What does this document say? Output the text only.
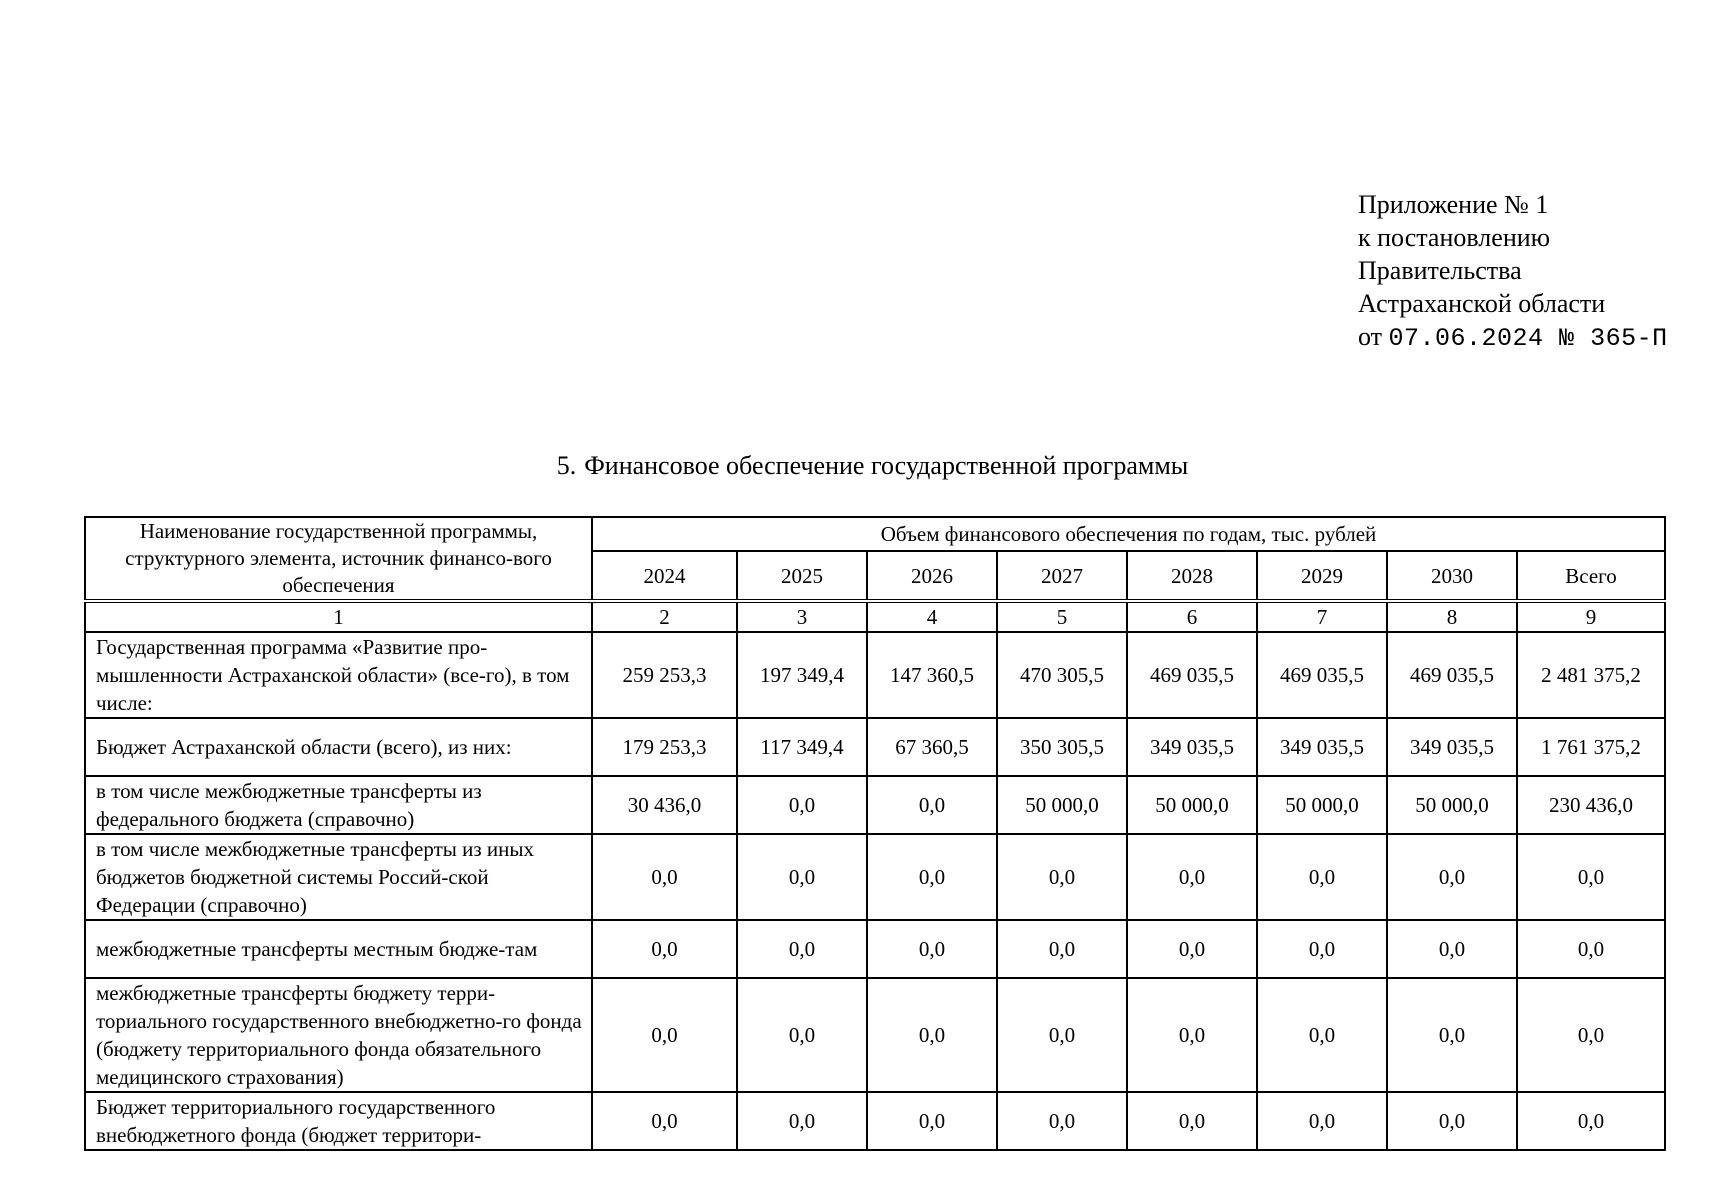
Приложение № 1
к постановлению
Правительства
Астраханской области
от 07.06.2024 № 365-П
5. Финансовое обеспечение государственной программы
Наименование государственной программы, структурного элемента, источник финансо-вого обеспечения	Объем финансового обеспечения по годам, тыс. рублей							
	2024	2025	2026	2027	2028	2029	2030	Всего
1	2	3	4	5	6	7	8	9
Государственная программа «Развитие про-мышленности Астраханской области» (все-го), в том числе:	259 253,3	197 349,4	147 360,5	470 305,5	469 035,5	469 035,5	469 035,5	2 481 375,2
Бюджет Астраханской области (всего), из них:	179 253,3	117 349,4	67 360,5	350 305,5	349 035,5	349 035,5	349 035,5	1 761 375,2
в том числе межбюджетные трансферты из федерального бюджета (справочно)	30 436,0	0,0	0,0	50 000,0	50 000,0	50 000,0	50 000,0	230 436,0
в том числе межбюджетные трансферты из иных бюджетов бюджетной системы Россий-ской Федерации (справочно)	0,0	0,0	0,0	0,0	0,0	0,0	0,0	0,0
межбюджетные трансферты местным бюдже-там	0,0	0,0	0,0	0,0	0,0	0,0	0,0	0,0
межбюджетные трансферты бюджету терри-ториального государственного внебюджетно-го фонда (бюджету территориального фонда обязательного медицинского страхования)	0,0	0,0	0,0	0,0	0,0	0,0	0,0	0,0
Бюджет территориального государственного внебюджетного фонда (бюджет территори-	0,0	0,0	0,0	0,0	0,0	0,0	0,0	0,0
